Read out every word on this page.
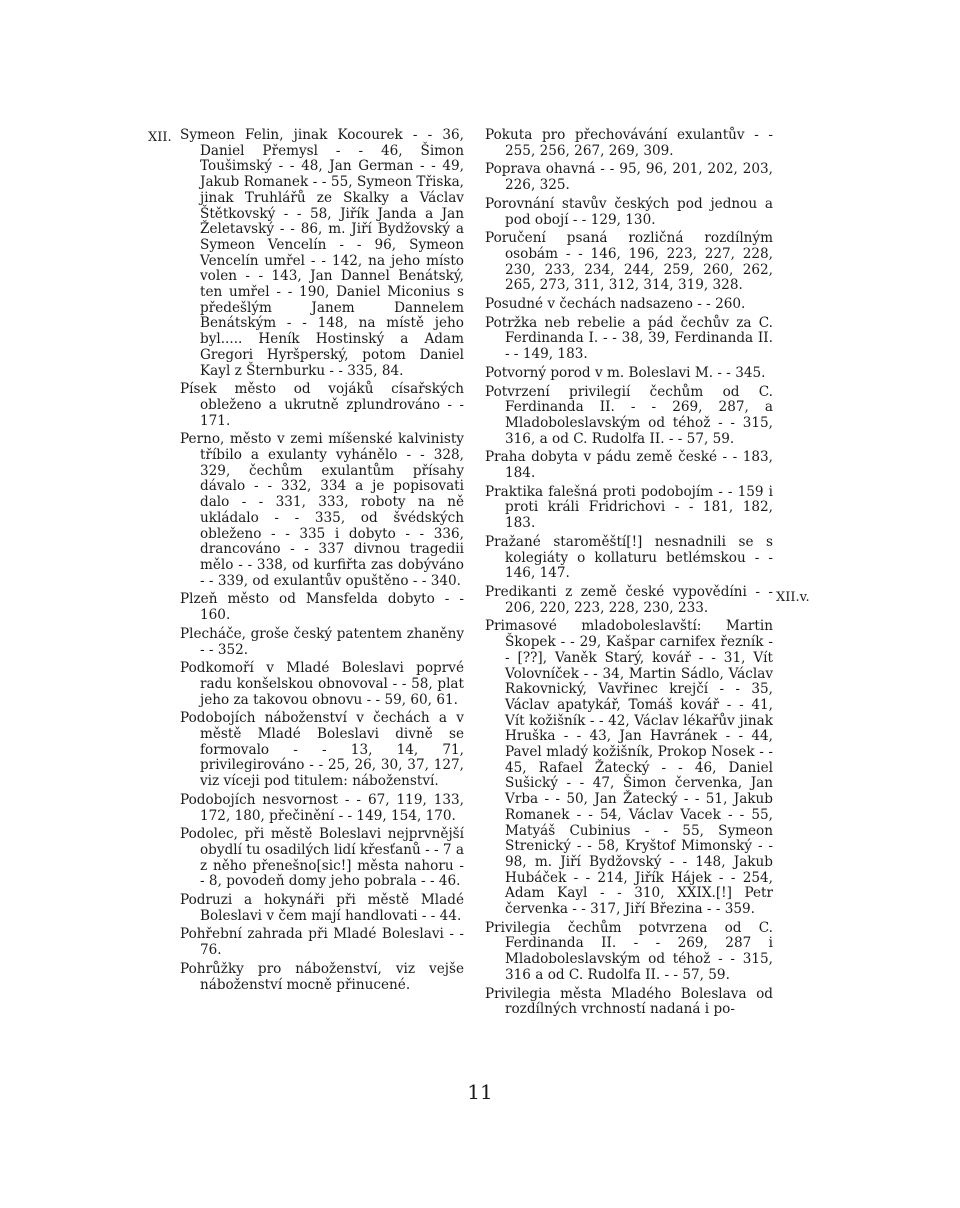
XII.
XII.v.

Symeon Felin, jinak Kocourek - - 36, Daniel Přemysl - - 46, Šimon Toušimský - - 48, Jan German - - 49, Jakub Romanek - - 55, Symeon Třiska, jinak Truhlářů ze Skalky a Václav Štětkovský - - 58, Jiřík Janda a Jan Želetavský - - 86, m. Jiří Bydžovský a Symeon Vencelín - - 96, Symeon Vencelín umřel - - 142, na jeho místo volen - - 143, Jan Dannel Benátský, ten umřel - - 190, Daniel Miconius s předešlým Janem Dannelem Benátským - - 148, na místě jeho byl..... Heník Hostinský a Adam Gregori Hyršperský, potom Daniel Kayl z Šternburku - - 335, 84.

Písek město od vojáků císařských obleženo a ukrutně zplundrováno - - 171.

Perno, město v zemi míšenské kalvinisty tříbilo a exulanty vyhánělo - - 328, 329, čechům exulantům přísahy dávalo - - 332, 334 a je popisovati dalo - - 331, 333, roboty na ně ukládalo - - 335, od švédských obleženo - - 335 i dobyto - - 336, drancováno - - 337 divnou tragedii mělo - - 338, od kurfiřta zas dobýváno - - 339, od exulantův opuštěno - - 340.

Plzeň město od Mansfelda dobyto - - 160.

Plecháče, groše český patentem zhaněny - - 352.

Podkomoří v Mladé Boleslavi poprvé radu konšelskou obnovoval - - 58, plat jeho za takovou obnovu - - 59, 60, 61.

Podobojích náboženství v čechách a v městě Mladé Boleslavi divně se formovalo - - 13, 14, 71, privilegirováno - - 25, 26, 30, 37, 127, viz víceji pod titulem: náboženství.

Podobojích nesvornost - - 67, 119, 133, 172, 180, přečinění - - 149, 154, 170.

Podolec, při městě Boleslavi nejprvnější obydlí tu osadilých lidí křesťanů - - 7 a z něho přenešno[sic!] města nahoru - - 8, povodeň domy jeho pobrala - - 46.

Podruzi a hokynáři při městě Mladé Boleslavi v čem mají handlovati - - 44.

Pohřební zahrada při Mladé Boleslavi - - 76.

Pohrůžky pro náboženství, viz vejše náboženství mocně přinucené.

Pokuta pro přechovávání exulantův - - 255, 256, 267, 269, 309.

Poprava ohavná - - 95, 96, 201, 202, 203, 226, 325.

Porovnání stavův českých pod jednou a pod obojí - - 129, 130.

Poručení psaná rozličná rozdílným osobám - - 146, 196, 223, 227, 228, 230, 233, 234, 244, 259, 260, 262, 265, 273, 311, 312, 314, 319, 328.

Posudné v čechách nadsazeno - - 260.

Potržka neb rebelie a pád čechův za C. Ferdinanda I. - - 38, 39, Ferdinanda II. - - 149, 183.

Potvorný porod v m. Boleslavi M. - - 345.

Potvrzení privilegií čechům od C. Ferdinanda II. - - 269, 287, a Mladoboleslavským od téhož - - 315, 316, a od C. Rudolfa II. - - 57, 59.

Praha dobyta v pádu země české - - 183, 184.

Praktika falešná proti podobojím - - 159 i proti králi Fridrichovi - - 181, 182, 183.

Pražané staroměští[!] nesnadnili se s kolegiáty o kollaturu betlémskou - - 146, 147.

Predikanti z země české vypovědíni - - 206, 220, 223, 228, 230, 233.

Primasové mladoboleslavští: Martin Škopek - - 29, Kašpar carnifex řezník - - [??], Vaněk Starý, kovář - - 31, Vít Volovníček - - 34, Martin Sádlo, Václav Rakovnický, Vavřinec krejčí - - 35, Václav apatykář, Tomáš kovář - - 41, Vít kožišník - - 42, Václav lékařův jinak Hruška - - 43, Jan Havránek - - 44, Pavel mladý kožišník, Prokop Nosek - - 45, Rafael Žatecký - - 46, Daniel Sušický - - 47, Šimon červenka, Jan Vrba - - 50, Jan Žatecký - - 51, Jakub Romanek - - 54, Václav Vacek - - 55, Matyáš Cubinius - - 55, Symeon Strenický - - 58, Kryštof Mimonský - - 98, m. Jiří Bydžovský - - 148, Jakub Hubáček - - 214, Jiřík Hájek - - 254, Adam Kayl - - 310, XXIX.[!] Petr červenka - - 317, Jiří Březina - - 359.

Privilegia čechům potvrzena od C. Ferdinanda II. - - 269, 287 i Mladoboleslavským od téhož - - 315, 316 a od C. Rudolfa II. - - 57, 59.

Privilegia města Mladého Boleslava od rozdílných vrchností nadaná i po-

11
